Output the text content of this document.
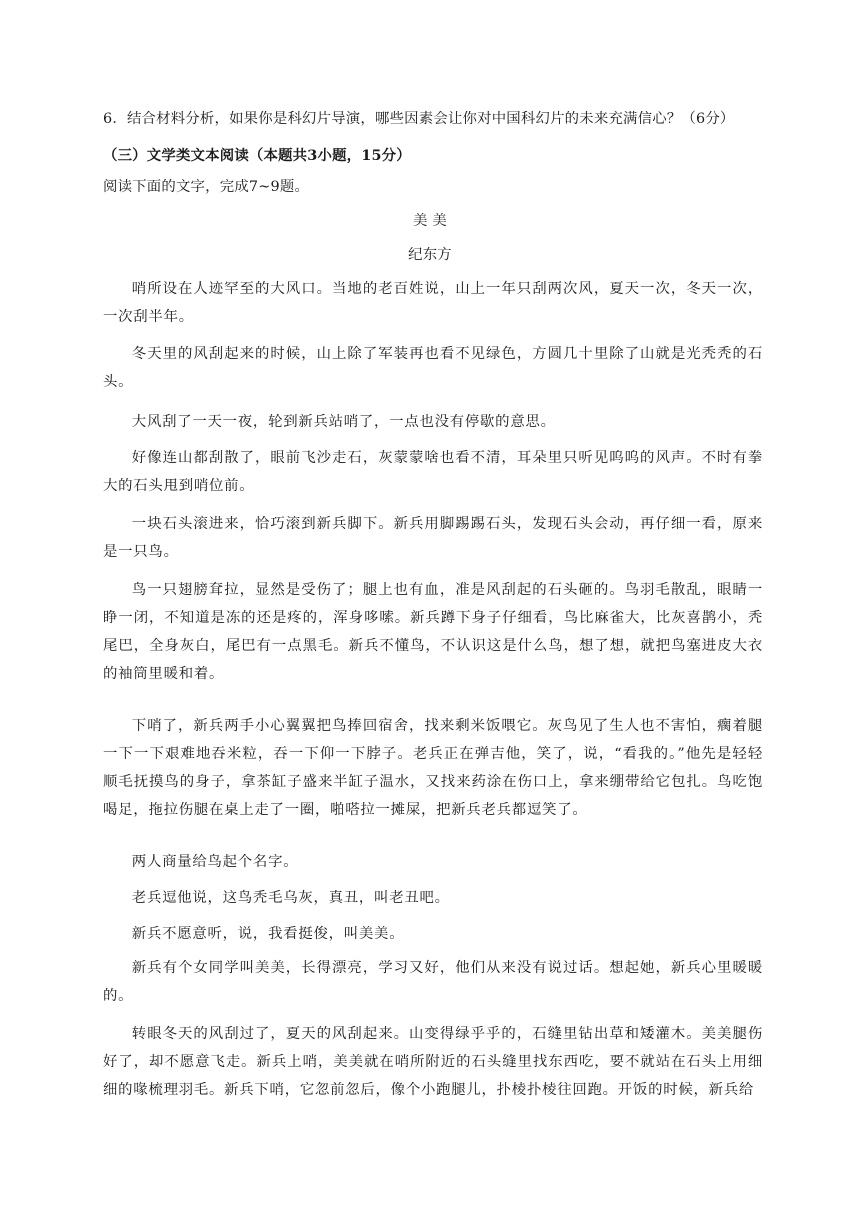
6．结合材料分析，如果你是科幻片导演，哪些因素会让你对中国科幻片的未来充满信心？（6分）
（三）文学类文本阅读（本题共3小题，15分）
阅读下面的文字，完成7~9题。
美 美
纪东方
哨所设在人迹罕至的大风口。当地的老百姓说，山上一年只刮两次风，夏天一次，冬天一次，一次刮半年。
冬天里的风刮起来的时候，山上除了军装再也看不见绿色，方圆几十里除了山就是光秃秃的石头。
大风刮了一天一夜，轮到新兵站哨了，一点也没有停歇的意思。
好像连山都刮散了，眼前飞沙走石，灰蒙蒙啥也看不清，耳朵里只听见呜呜的风声。不时有拳大的石头甩到哨位前。
一块石头滚进来，恰巧滚到新兵脚下。新兵用脚踢踢石头，发现石头会动，再仔细一看，原来是一只鸟。
鸟一只翅膀耷拉，显然是受伤了；腿上也有血，准是风刮起的石头砸的。鸟羽毛散乱，眼睛一睁一闭，不知道是冻的还是疼的，浑身哆嗦。新兵蹲下身子仔细看，鸟比麻雀大，比灰喜鹊小，秃尾巴，全身灰白，尾巴有一点黑毛。新兵不懂鸟，不认识这是什么鸟，想了想，就把鸟塞进皮大衣的袖筒里暖和着。
下哨了，新兵两手小心翼翼把鸟捧回宿舍，找来剩米饭喂它。灰鸟见了生人也不害怕，瘸着腿一下一下艰难地吞米粒，吞一下仰一下脖子。老兵正在弹吉他，笑了，说，“看我的。”他先是轻轻顺毛抚摸鸟的身子，拿茶缸子盛来半缸子温水，又找来药涂在伤口上，拿来绷带给它包扎。鸟吃饱喝足，拖拉伤腿在桌上走了一圈，啪嗒拉一摊屎，把新兵老兵都逗笑了。
两人商量给鸟起个名字。
老兵逗他说，这鸟秃毛乌灰，真丑，叫老丑吧。
新兵不愿意听，说，我看挺俊，叫美美。
新兵有个女同学叫美美，长得漂亮，学习又好，他们从来没有说过话。想起她，新兵心里暖暖的。
转眼冬天的风刮过了，夏天的风刮起来。山变得绿乎乎的，石缝里钻出草和矮灌木。美美腿伤好了，却不愿意飞走。新兵上哨，美美就在哨所附近的石头缝里找东西吃，要不就站在石头上用细细的喙梳理羽毛。新兵下哨，它忽前忽后，像个小跑腿儿，扑棱扑棱往回跑。开饭的时候，新兵给
